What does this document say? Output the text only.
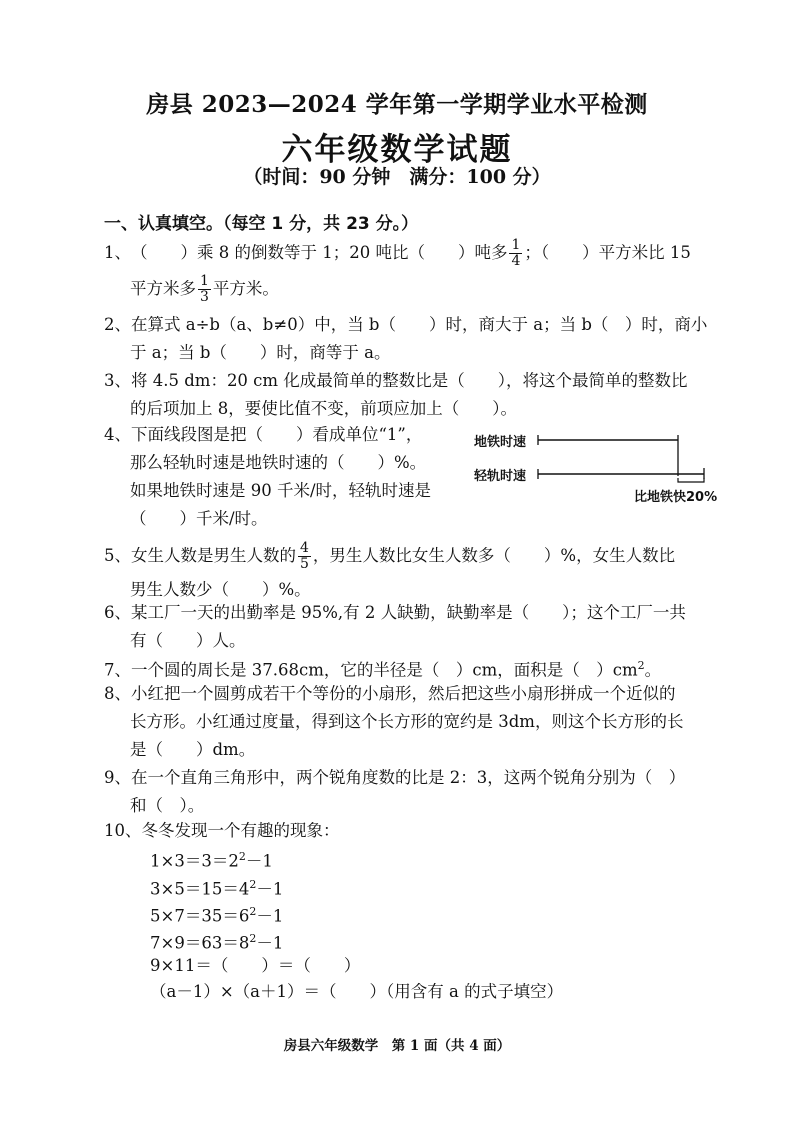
房县 2023—2024 学年第一学期学业水平检测
六年级数学试题
（时间：90 分钟　满分：100 分）
一、认真填空。（每空 1 分，共 23 分。）
1、（　　）乘 8 的倒数等于 1；20 吨比（　　）吨多 $\frac{1}{4}$ ；（　　）平方米比 15
平方米多 $\frac{1}{3}$ 平方米。
2、在算式 a÷b（a、b≠0）中，当 b（　　）时，商大于 a；当 b（　）时，商小
于 a；当 b（　　）时，商等于 a。
3、将 4.5 dm：20 cm 化成最简单的整数比是（　　），将这个最简单的整数比
的后项加上 8，要使比值不变，前项应加上（　　）。
4、下面线段图是把（　　）看成单位“1”，
那么轻轨时速是地铁时速的（　　）%。
如果地铁时速是 90 千米/时，轻轨时速是
（　　）千米/时。
地铁时速
轻轨时速
比地铁快20%
5、女生人数是男生人数的 $\frac{4}{5}$ ，男生人数比女生人数多（　　）%，女生人数比
男生人数少（　　）%。
6、某工厂一天的出勤率是 95%,有 2 人缺勤，缺勤率是（　　）；这个工厂一共
有（　　）人。
7、一个圆的周长是 37.68cm，它的半径是（　）cm，面积是（　）$cm^2$。
8、小红把一个圆剪成若干个等份的小扇形，然后把这些小扇形拼成一个近似的
长方形。小红通过度量，得到这个长方形的宽约是 3dm，则这个长方形的长
是（　　）dm。
9、在一个直角三角形中，两个锐角度数的比是 2：3，这两个锐角分别为（　）
和（　）。
10、冬冬发现一个有趣的现象：
$1\times 3=3=2^2-1$
$3\times 5=15=4^2-1$
$5\times 7=35=6^2-1$
$7\times 9=63=8^2-1$
9×11＝（　　）＝（　　）
（a－1）×（a＋1）＝（　　）（用含有 a 的式子填空）
房县六年级数学　第 1 面（共 4 面）
